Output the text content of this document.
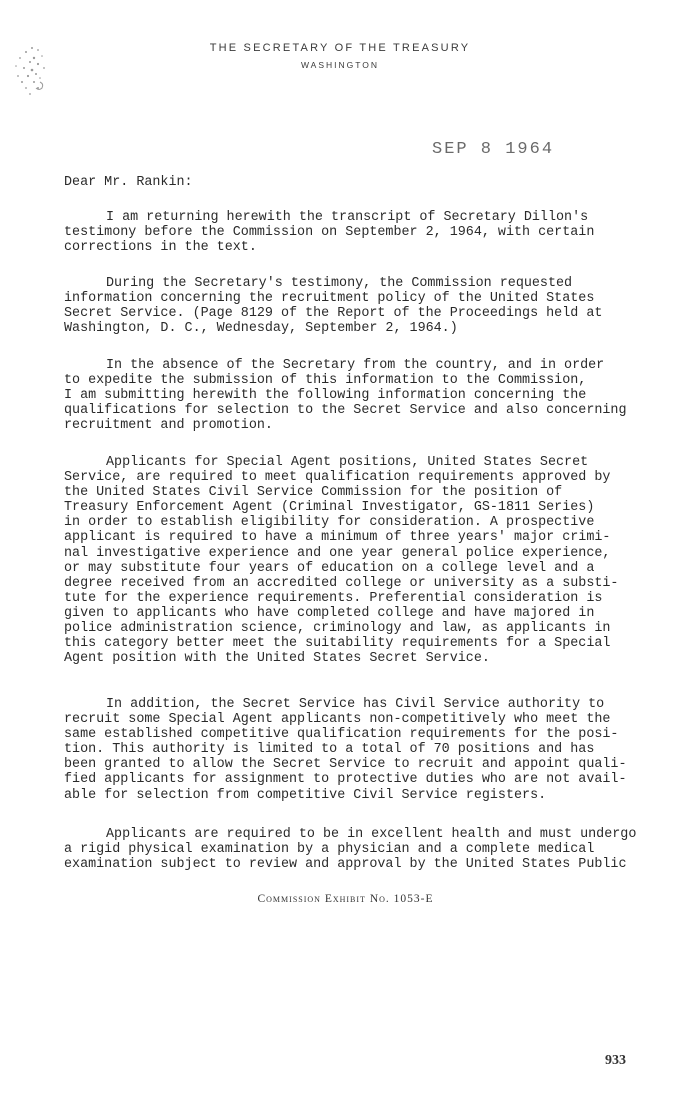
THE SECRETARY OF THE TREASURY
WASHINGTON
SEP 8 1964
Dear Mr. Rankin:

I am returning herewith the transcript of Secretary Dillon's
testimony before the Commission on September 2, 1964, with certain
corrections in the text.

During the Secretary's testimony, the Commission requested
information concerning the recruitment policy of the United States
Secret Service. (Page 8129 of the Report of the Proceedings held at
Washington, D. C., Wednesday, September 2, 1964.)

In the absence of the Secretary from the country, and in order
to expedite the submission of this information to the Commission,
I am submitting herewith the following information concerning the
qualifications for selection to the Secret Service and also concerning
recruitment and promotion.

Applicants for Special Agent positions, United States Secret
Service, are required to meet qualification requirements approved by
the United States Civil Service Commission for the position of
Treasury Enforcement Agent (Criminal Investigator, GS-1811 Series)
in order to establish eligibility for consideration. A prospective
applicant is required to have a minimum of three years' major crimi-
nal investigative experience and one year general police experience,
or may substitute four years of education on a college level and a
degree received from an accredited college or university as a substi-
tute for the experience requirements. Preferential consideration is
given to applicants who have completed college and have majored in
police administration science, criminology and law, as applicants in
this category better meet the suitability requirements for a Special
Agent position with the United States Secret Service.

In addition, the Secret Service has Civil Service authority to
recruit some Special Agent applicants non-competitively who meet the
same established competitive qualification requirements for the posi-
tion. This authority is limited to a total of 70 positions and has
been granted to allow the Secret Service to recruit and appoint quali-
fied applicants for assignment to protective duties who are not avail-
able for selection from competitive Civil Service registers.

Applicants are required to be in excellent health and must undergo
a rigid physical examination by a physician and a complete medical
examination subject to review and approval by the United States Public

Commission Exhibit No. 1053-E
933
